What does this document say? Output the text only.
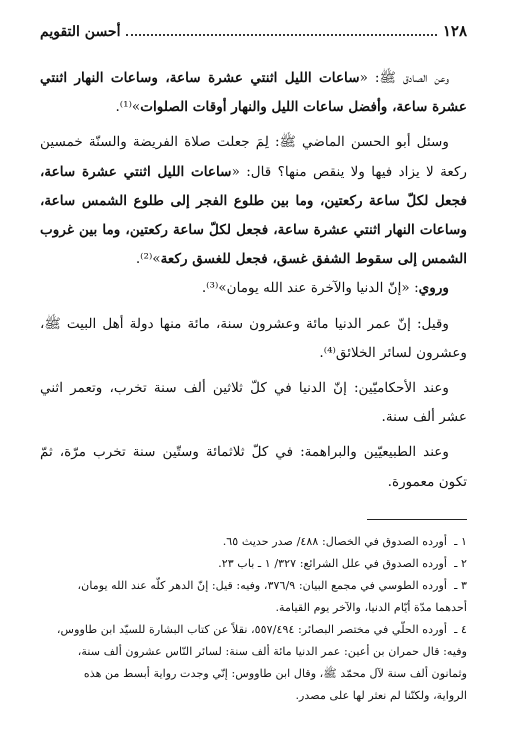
١٢٨
أحسن التقويم

وعن الصادق ﷺ: «ساعات الليل اثنتي عشرة ساعة، وساعات النهار اثنتي عشرة ساعة، وأفضل ساعات الليل والنهار أوقات الصلوات»⁽¹⁾.

وسئل أبو الحسن الماضي ﷺ: لِمَ جعلت صلاة الفريضة والسنّة خمسين ركعة لا يزاد فيها ولا ينقص منها؟ قال: «ساعات الليل اثنتي عشرة ساعة، فجعل لكلّ ساعة ركعتين، وما بين طلوع الفجر إلى طلوع الشمس ساعة، وساعات النهار اثنتي عشرة ساعة، فجعل لكلّ ساعة ركعتين، وما بين غروب الشمس إلى سقوط الشفق غسق، فجعل للغسق ركعة»⁽²⁾.

وروي: «إنّ الدنيا والآخرة عند الله يومان»⁽³⁾.

وقيل: إنّ عمر الدنيا مائة وعشرون سنة، مائة منها دولة أهل البيت ﷺ، وعشرون لسائر الخلائق⁽⁴⁾.

وعند الأحكاميّين: إنّ الدنيا في كلّ ثلاثين ألف سنة تخرب، وتعمر اثني عشر ألف سنة.

وعند الطبيعيّين والبراهمة: في كلّ ثلاثمائة وستّين سنة تخرب مرّة، ثمّ تكون معمورة.

١ ـ
أورده الصدوق في الخصال: ٤٨٨/ صدر حديث ٦٥.
٢ ـ
أورده الصدوق في علل الشرائع: ٣٢٧/ ١ ـ باب ٢٣.
٣ ـ
أورده الطوسي في مجمع البيان: ٣٧٦/٩، وفيه: قيل: إنّ الدهر كلّه عند الله يومان،
أحدهما مدّة أيّام الدنيا، والآخر يوم القيامة.
٤ ـ
أورده الحلّي في مختصر البصائر: ٥٥٧/٤٩٤، نقلاً عن كتاب البشارة للسيّد ابن طاووس،
وفيه: قال حمران بن أعين: عمر الدنيا مائة ألف سنة: لسائر النّاس عشرون ألف سنة،
وثمانون ألف سنة لآل محمّد ﷺ، وقال ابن طاووس: إنّي وجدت رواية أبسط من هذه
الرواية، ولكنّنا لم نعثر لها على مصدر.
